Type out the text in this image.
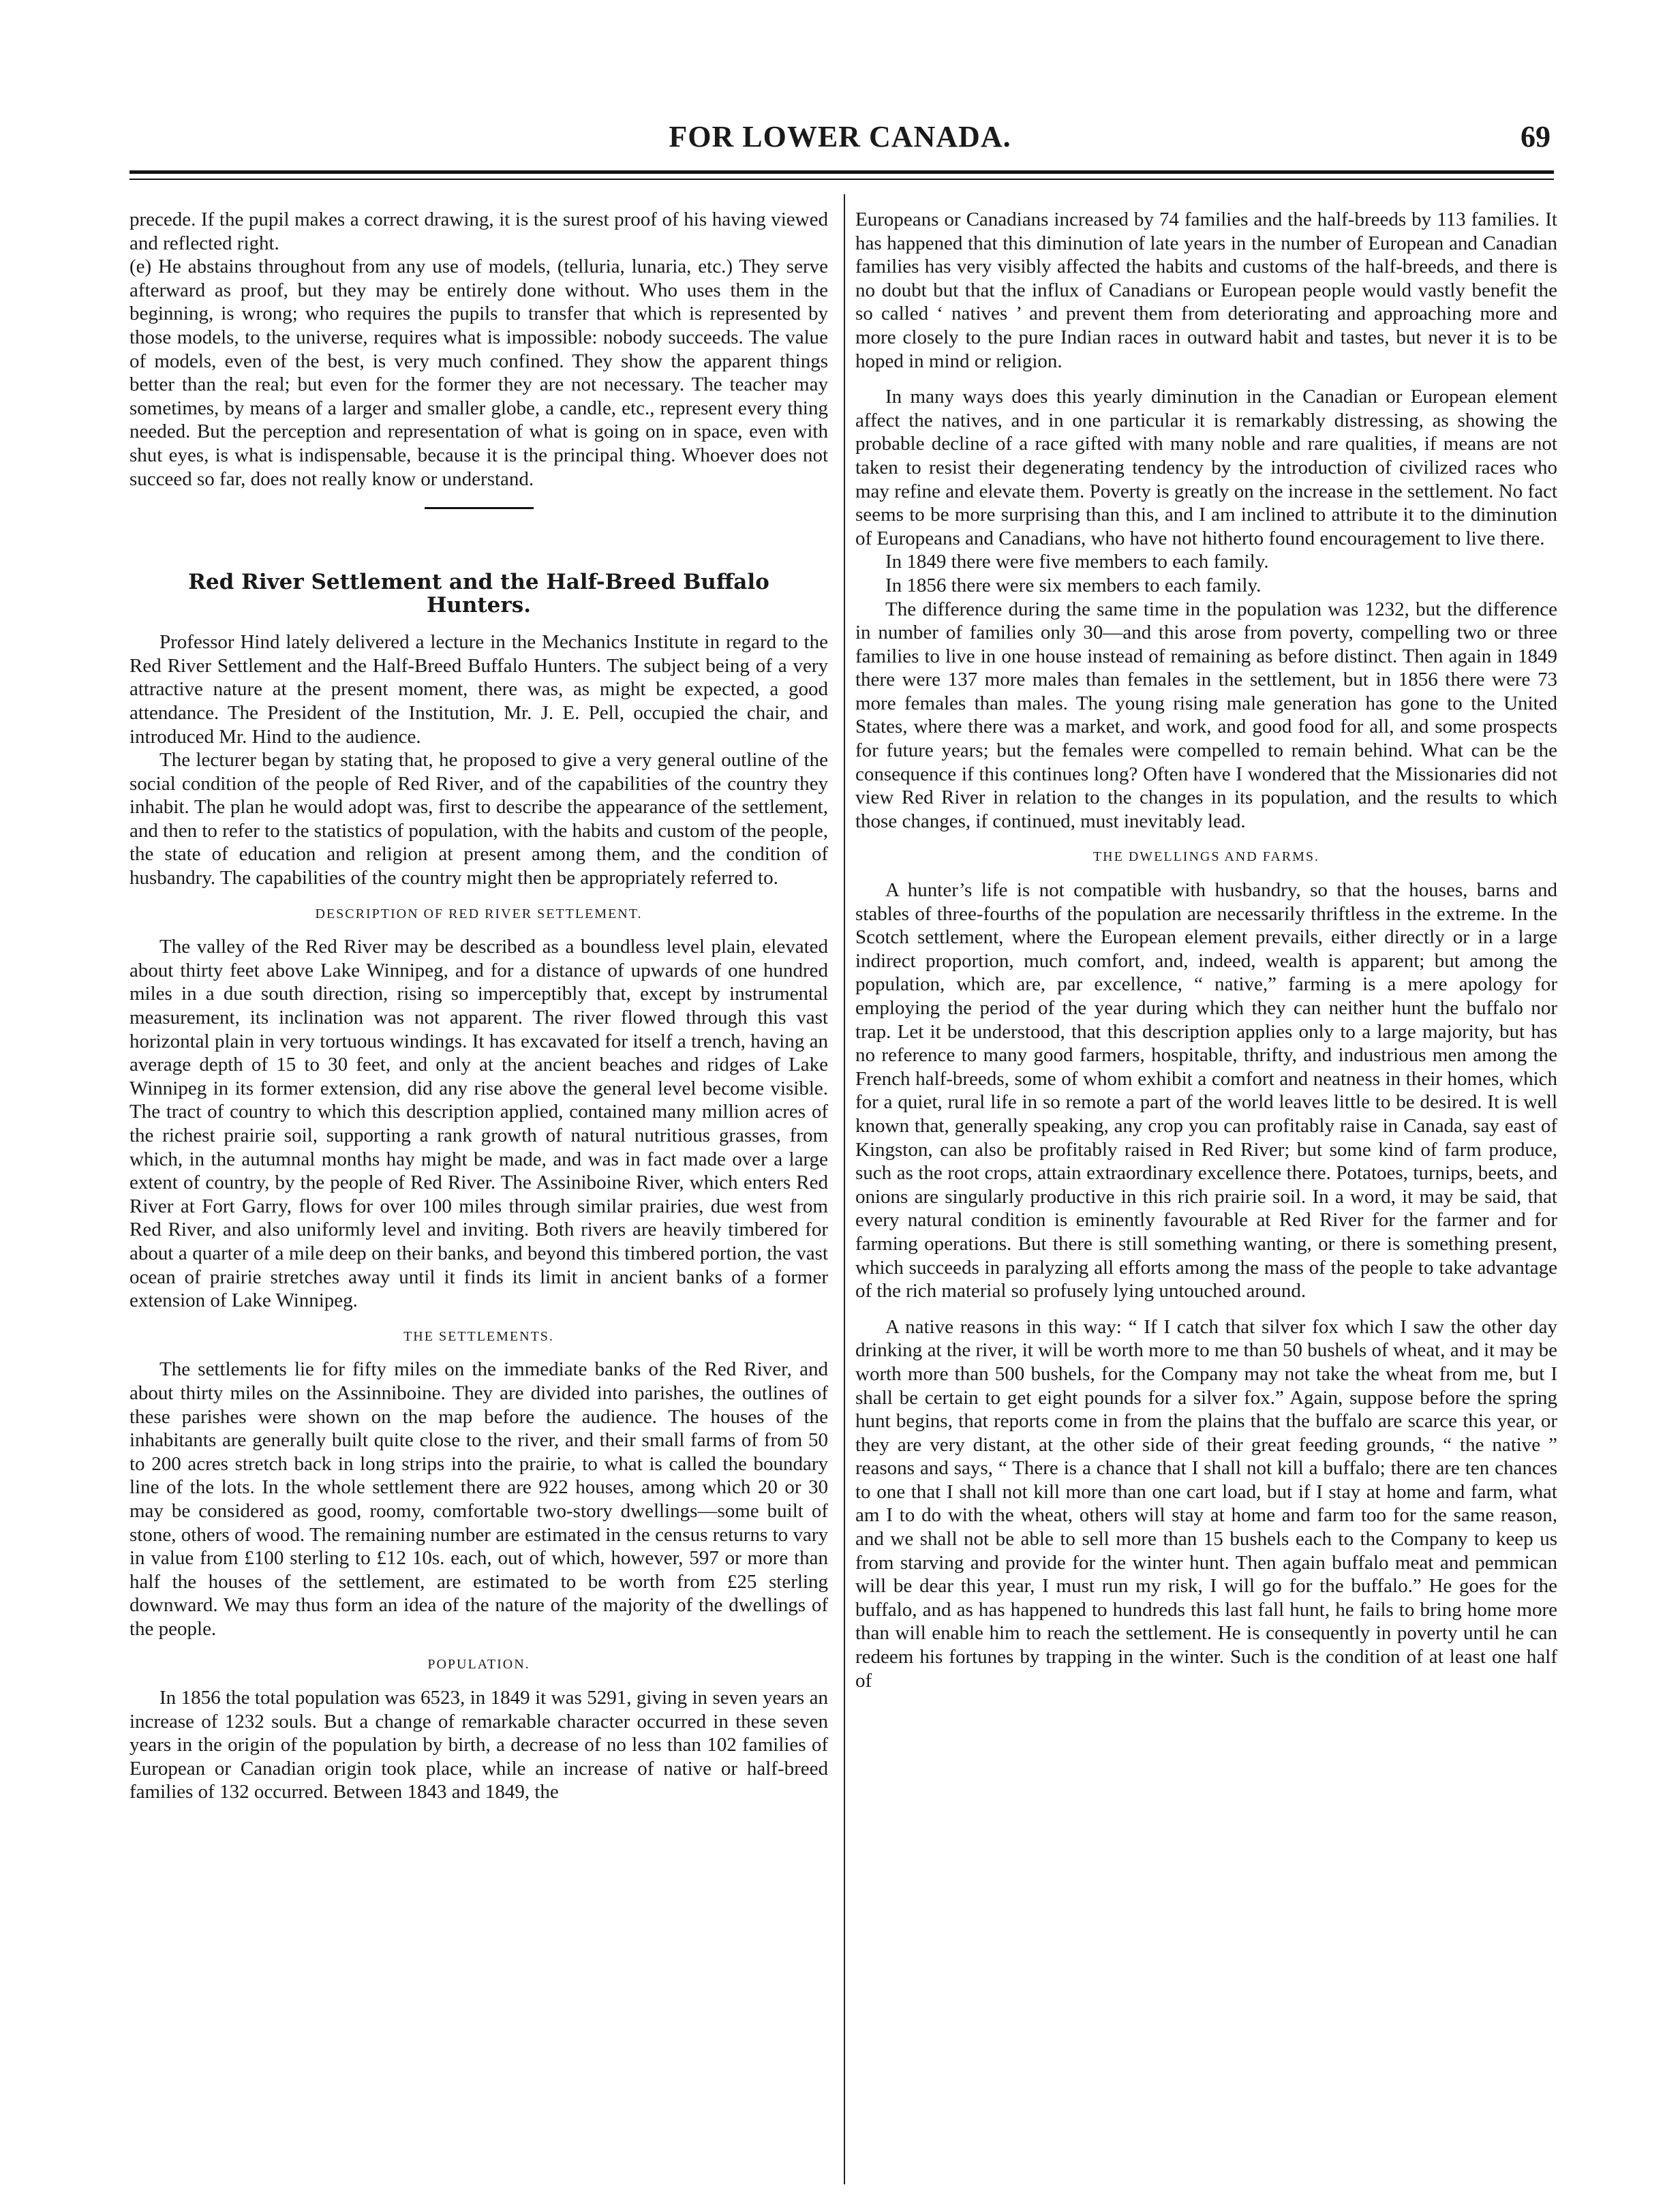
FOR LOWER CANADA.	69

precede. If the pupil makes a correct drawing, it is the surest proof of his having viewed and reflected right.

(e) He abstains throughout from any use of models, (telluria, lunaria, etc.) They serve afterward as proof, but they may be entirely done without. Who uses them in the beginning, is wrong; who requires the pupils to transfer that which is represented by those models, to the universe, requires what is impossible: nobody succeeds. The value of models, even of the best, is very much confined. They show the apparent things better than the real; but even for the former they are not necessary. The teacher may sometimes, by means of a larger and smaller globe, a candle, etc., represent every thing needed. But the perception and representation of what is going on in space, even with shut eyes, is what is indispensable, because it is the principal thing. Whoever does not succeed so far, does not really know or understand.

Red River Settlement and the Half-Breed Buffalo Hunters.

Professor Hind lately delivered a lecture in the Mechanics Institute in regard to the Red River Settlement and the Half-Breed Buffalo Hunters. The subject being of a very attractive nature at the present moment, there was, as might be expected, a good attendance. The President of the Institution, Mr. J. E. Pell, occupied the chair, and introduced Mr. Hind to the audience.

The lecturer began by stating that, he proposed to give a very general outline of the social condition of the people of Red River, and of the capabilities of the country they inhabit. The plan he would adopt was, first to describe the appearance of the settlement, and then to refer to the statistics of population, with the habits and custom of the people, the state of education and religion at present among them, and the condition of husbandry. The capabilities of the country might then be appropriately referred to.

DESCRIPTION OF RED RIVER SETTLEMENT.

The valley of the Red River may be described as a boundless level plain, elevated about thirty feet above Lake Winnipeg, and for a distance of upwards of one hundred miles in a due south direction, rising so imperceptibly that, except by instrumental measurement, its inclination was not apparent. The river flowed through this vast horizontal plain in very tortuous windings. It has excavated for itself a trench, having an average depth of 15 to 30 feet, and only at the ancient beaches and ridges of Lake Winnipeg in its former extension, did any rise above the general level become visible. The tract of country to which this description applied, contained many million acres of the richest prairie soil, supporting a rank growth of natural nutritious grasses, from which, in the autumnal months hay might be made, and was in fact made over a large extent of country, by the people of Red River. The Assiniboine River, which enters Red River at Fort Garry, flows for over 100 miles through similar prairies, due west from Red River, and also uniformly level and inviting. Both rivers are heavily timbered for about a quarter of a mile deep on their banks, and beyond this timbered portion, the vast ocean of prairie stretches away until it finds its limit in ancient banks of a former extension of Lake Winnipeg.

THE SETTLEMENTS.

The settlements lie for fifty miles on the immediate banks of the Red River, and about thirty miles on the Assinniboine. They are divided into parishes, the outlines of these parishes were shown on the map before the audience. The houses of the inhabitants are generally built quite close to the river, and their small farms of from 50 to 200 acres stretch back in long strips into the prairie, to what is called the boundary line of the lots. In the whole settlement there are 922 houses, among which 20 or 30 may be considered as good, roomy, comfortable two-story dwellings—some built of stone, others of wood. The remaining number are estimated in the census returns to vary in value from £100 sterling to £12 10s. each, out of which, however, 597 or more than half the houses of the settlement, are estimated to be worth from £25 sterling downward. We may thus form an idea of the nature of the majority of the dwellings of the people.

POPULATION.

In 1856 the total population was 6523, in 1849 it was 5291, giving in seven years an increase of 1232 souls. But a change of remarkable character occurred in these seven years in the origin of the population by birth, a decrease of no less than 102 families of European or Canadian origin took place, while an increase of native or half-breed families of 132 occurred. Between 1843 and 1849, the

Europeans or Canadians increased by 74 families and the half-breeds by 113 families. It has happened that this diminution of late years in the number of European and Canadian families has very visibly affected the habits and customs of the half-breeds, and there is no doubt but that the influx of Canadians or European people would vastly benefit the so called ‘ natives ’ and prevent them from deteriorating and approaching more and more closely to the pure Indian races in outward habit and tastes, but never it is to be hoped in mind or religion.

In many ways does this yearly diminution in the Canadian or European element affect the natives, and in one particular it is remarkably distressing, as showing the probable decline of a race gifted with many noble and rare qualities, if means are not taken to resist their degenerating tendency by the introduction of civilized races who may refine and elevate them. Poverty is greatly on the increase in the settlement. No fact seems to be more surprising than this, and I am inclined to attribute it to the diminution of Europeans and Canadians, who have not hitherto found encouragement to live there.

In 1849 there were five members to each family.

In 1856 there were six members to each family.

The difference during the same time in the population was 1232, but the difference in number of families only 30—and this arose from poverty, compelling two or three families to live in one house instead of remaining as before distinct. Then again in 1849 there were 137 more males than females in the settlement, but in 1856 there were 73 more females than males. The young rising male generation has gone to the United States, where there was a market, and work, and good food for all, and some prospects for future years; but the females were compelled to remain behind. What can be the consequence if this continues long? Often have I wondered that the Missionaries did not view Red River in relation to the changes in its population, and the results to which those changes, if continued, must inevitably lead.

THE DWELLINGS AND FARMS.

A hunter’s life is not compatible with husbandry, so that the houses, barns and stables of three-fourths of the population are necessarily thriftless in the extreme. In the Scotch settlement, where the European element prevails, either directly or in a large indirect proportion, much comfort, and, indeed, wealth is apparent; but among the population, which are, par excellence, “ native,” farming is a mere apology for employing the period of the year during which they can neither hunt the buffalo nor trap. Let it be understood, that this description applies only to a large majority, but has no reference to many good farmers, hospitable, thrifty, and industrious men among the French half-breeds, some of whom exhibit a comfort and neatness in their homes, which for a quiet, rural life in so remote a part of the world leaves little to be desired. It is well known that, generally speaking, any crop you can profitably raise in Canada, say east of Kingston, can also be profitably raised in Red River; but some kind of farm produce, such as the root crops, attain extraordinary excellence there. Potatoes, turnips, beets, and onions are singularly productive in this rich prairie soil. In a word, it may be said, that every natural condition is eminently favourable at Red River for the farmer and for farming operations. But there is still something wanting, or there is something present, which succeeds in paralyzing all efforts among the mass of the people to take advantage of the rich material so profusely lying untouched around.

A native reasons in this way: “ If I catch that silver fox which I saw the other day drinking at the river, it will be worth more to me than 50 bushels of wheat, and it may be worth more than 500 bushels, for the Company may not take the wheat from me, but I shall be certain to get eight pounds for a silver fox.” Again, suppose before the spring hunt begins, that reports come in from the plains that the buffalo are scarce this year, or they are very distant, at the other side of their great feeding grounds, “ the native ” reasons and says, “ There is a chance that I shall not kill a buffalo; there are ten chances to one that I shall not kill more than one cart load, but if I stay at home and farm, what am I to do with the wheat, others will stay at home and farm too for the same reason, and we shall not be able to sell more than 15 bushels each to the Company to keep us from starving and provide for the winter hunt. Then again buffalo meat and pemmican will be dear this year, I must run my risk, I will go for the buffalo.” He goes for the buffalo, and as has happened to hundreds this last fall hunt, he fails to bring home more than will enable him to reach the settlement. He is consequently in poverty until he can redeem his fortunes by trapping in the winter. Such is the condition of at least one half of
